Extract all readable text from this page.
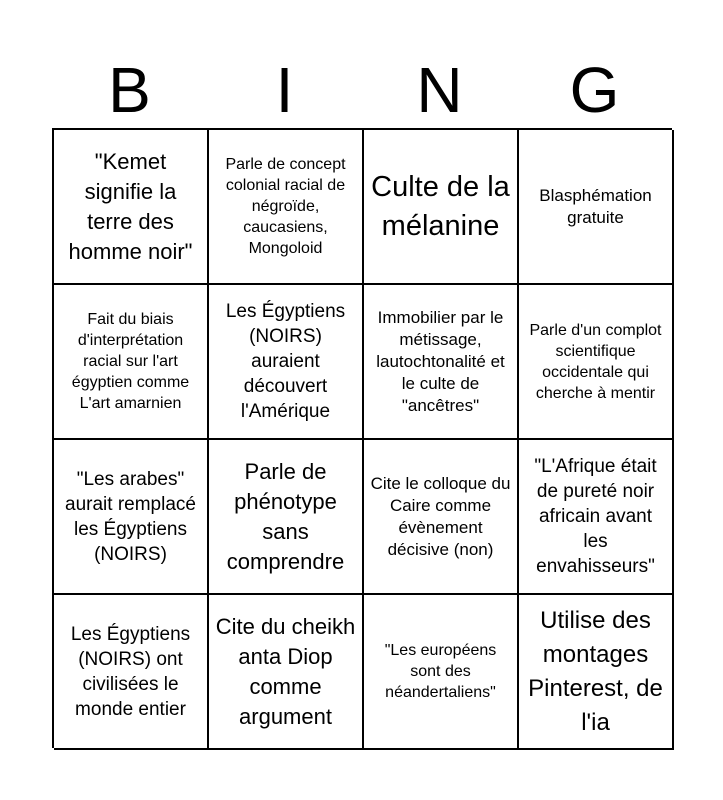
B	I	N	G
"Kemet signifie la terre des homme noir"
Parle de concept colonial racial de négroïde, caucasiens, Mongoloid
Culte de la mélanine
Blasphémation gratuite
Fait du biais d'interprétation racial sur l'art égyptien comme L'art amarnien
Les Égyptiens (NOIRS) auraient découvert l'Amérique
Immobilier par le métissage, lautochtonalité et le culte de "ancêtres"
Parle d'un complot scientifique occidentale qui cherche à mentir
"Les arabes" aurait remplacé les Égyptiens (NOIRS)
Parle de phénotype sans comprendre
Cite le colloque du Caire comme évènement décisive (non)
"L'Afrique était de pureté noir africain avant les envahisseurs"
Les Égyptiens (NOIRS) ont civilisées le monde entier
Cite du cheikh anta Diop comme argument
"Les européens sont des néandertaliens"
Utilise des montages Pinterest, de l'ia
